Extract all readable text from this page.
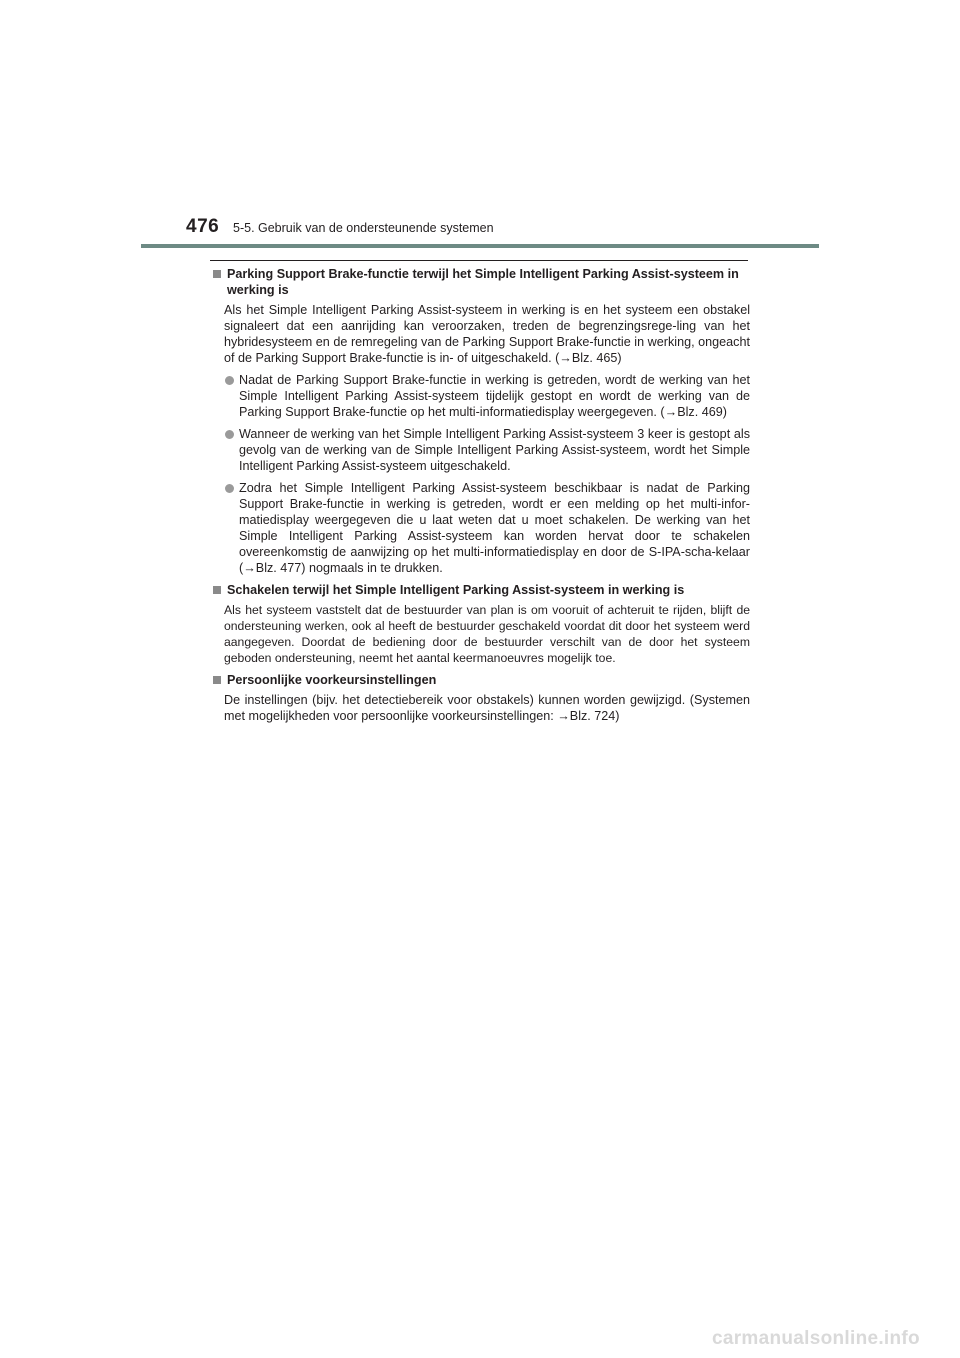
476 5-5. Gebruik van de ondersteunende systemen
Parking Support Brake-functie terwijl het Simple Intelligent Parking Assist-systeem in werking is
Als het Simple Intelligent Parking Assist-systeem in werking is en het systeem een obstakel signaleert dat een aanrijding kan veroorzaken, treden de begrenzingsrege-ling van het hybridesysteem en de remregeling van de Parking Support Brake-functie in werking, ongeacht of de Parking Support Brake-functie is in- of uitgeschakeld. (→Blz. 465)
Nadat de Parking Support Brake-functie in werking is getreden, wordt de werking van het Simple Intelligent Parking Assist-systeem tijdelijk gestopt en wordt de werking van de Parking Support Brake-functie op het multi-informatiedisplay weergegeven. (→Blz. 469)
Wanneer de werking van het Simple Intelligent Parking Assist-systeem 3 keer is gestopt als gevolg van de werking van de Simple Intelligent Parking Assist-systeem, wordt het Simple Intelligent Parking Assist-systeem uitgeschakeld.
Zodra het Simple Intelligent Parking Assist-systeem beschikbaar is nadat de Parking Support Brake-functie in werking is getreden, wordt er een melding op het multi-infor-matiedisplay weergegeven die u laat weten dat u moet schakelen. De werking van het Simple Intelligent Parking Assist-systeem kan worden hervat door te schakelen overeenkomstig de aanwijzing op het multi-informatiedisplay en door de S-IPA-scha-kelaar (→Blz. 477) nogmaals in te drukken.
Schakelen terwijl het Simple Intelligent Parking Assist-systeem in werking is
Als het systeem vaststelt dat de bestuurder van plan is om vooruit of achteruit te rijden, blijft de ondersteuning werken, ook al heeft de bestuurder geschakeld voordat dit door het systeem werd aangegeven. Doordat de bediening door de bestuurder verschilt van de door het systeem geboden ondersteuning, neemt het aantal keermanoeuvres mogelijk toe.
Persoonlijke voorkeursinstellingen
De instellingen (bijv. het detectiebereik voor obstakels) kunnen worden gewijzigd. (Systemen met mogelijkheden voor persoonlijke voorkeursinstellingen: →Blz. 724)
carmanualsonline.info
